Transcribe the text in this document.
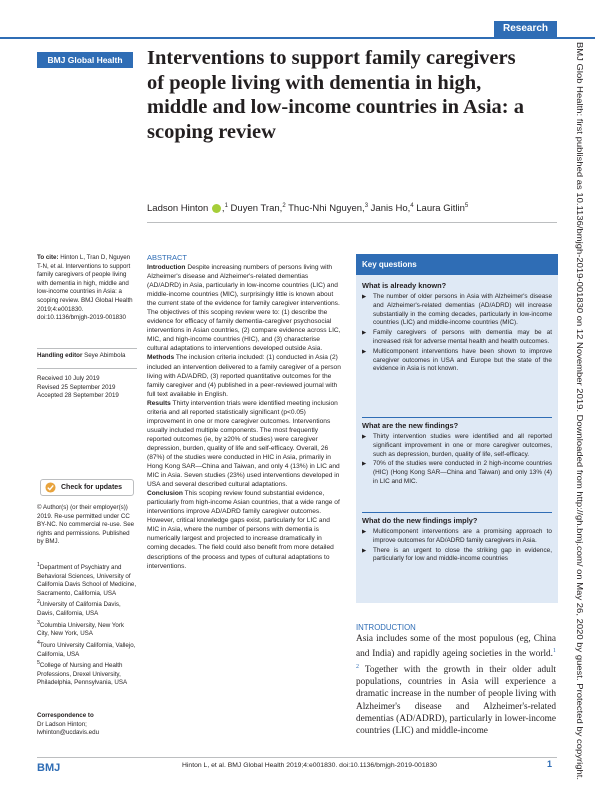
Research
BMJ Global Health	Interventions to support family caregivers of people living with dementia in high, middle and low-income countries in Asia: a scoping review
Ladson Hinton ,$^1$ Duyen Tran,$^2$ Thuc-Nhi Nguyen,$^3$ Janis Ho,$^4$ Laura Gitlin$^5$
To cite: Hinton L, Tran D, Nguyen T-N, et al. Interventions to support family caregivers of people living with dementia in high, middle and low-income countries in Asia: a scoping review. BMJ Global Health 2019;4:e001830. doi:10.1136/bmjgh-2019-001830
Handling editor Seye Abimbola
Received 10 July 2019
Revised 25 September 2019
Accepted 28 September 2019
Check for updates
© Author(s) (or their employer(s)) 2019. Re-use permitted under CC BY-NC. No commercial re-use. See rights and permissions. Published by BMJ.
$^1$Department of Psychiatry and Behavioral Sciences, University of California Davis School of Medicine, Sacramento, California, USA
$^2$University of California Davis, Davis, California, USA
$^3$Columbia University, New York City, New York, USA
$^4$Touro University California, Vallejo, California, USA
$^5$College of Nursing and Health Professions, Drexel University, Philadelphia, Pennsylvania, USA
Correspondence to
Dr Ladson Hinton;
lwhinton@ucdavis.edu
ABSTRACT
Introduction Despite increasing numbers of persons living with Alzheimer's disease and Alzheimer's-related dementias (AD/ADRD) in Asia, particularly in low-income countries (LIC) and middle-income countries (MIC), surprisingly little is known about the current state of the evidence for family caregiver interventions. The objectives of this scoping review were to: (1) describe the evidence for efficacy of family dementia-caregiver psychosocial interventions in Asian countries, (2) compare evidence across LIC, MIC, and high-income countries (HIC), and (3) characterise cultural adaptations to interventions developed outside Asia.
Methods The inclusion criteria included: (1) conducted in Asia (2) included an intervention delivered to a family caregiver of a person living with AD/ADRD, (3) reported quantitative outcomes for the family caregiver and (4) published in a peer-reviewed journal with full text available in English.
Results Thirty intervention trials were identified meeting inclusion criteria and all reported statistically significant (p<0.05) improvement in one or more caregiver outcomes. Interventions usually included multiple components. The most frequently reported outcomes (ie, by ≥20% of studies) were caregiver depression, burden, quality of life and self-efficacy. Overall, 26 (87%) of the studies were conducted in HIC in Asia, primarily in Hong Kong SAR—China and Taiwan, and only 4 (13%) in LIC and MIC in Asia. Seven studies (23%) used interventions developed in USA and several described cultural adaptations.
Conclusion This scoping review found substantial evidence, particularly from high-income Asian countries, that a wide range of interventions improve AD/ADRD family caregiver outcomes. However, critical knowledge gaps exist, particularly for LIC and MIC in Asia, where the number of persons with dementia is numerically largest and projected to increase dramatically in coming decades. The field could also benefit from more detailed descriptions of the process and types of cultural adaptations to interventions.
Key questions
What is already known?
▶ The number of older persons in Asia with Alzheimer's disease and Alzheimer's-related dementias (AD/ADRD) will increase substantially in the coming decades, particularly in low-income countries (LIC) and middle-income countries (MIC).
▶ Family caregivers of persons with dementia may be at increased risk for adverse mental health and health outcomes.
▶ Multicomponent interventions have been shown to improve caregiver outcomes in USA and Europe but the state of the evidence in Asia is not known.
What are the new findings?
▶ Thirty intervention studies were identified and all reported significant improvement in one or more caregiver outcomes, such as depression, burden, quality of life, self-efficacy.
▶ 70% of the studies were conducted in 2 high-income countries (HIC) (Hong Kong SAR—China and Taiwan) and only 13% (4) in LIC and MIC.
What do the new findings imply?
▶ Multicomponent interventions are a promising approach to improve outcomes for AD/ADRD family caregivers in Asia.
▶ There is an urgent to close the striking gap in evidence, particularly for low and middle-income countries
INTRODUCTION
Asia includes some of the most populous (eg, China and India) and rapidly ageing societies in the world.$^{1 2}$ Together with the growth in their older adult populations, countries in Asia will experience a dramatic increase in the number of people living with Alzheimer's disease and Alzheimer's-related dementias (AD/ADRD), particularly in lower-income countries (LIC) and middle-income
BMJ Glob Health: first published as 10.1136/bmjgh-2019-001830 on 12 November 2019. Downloaded from http://gh.bmj.com/ on May 26, 2020 by guest. Protected by copyright.
BMJ	Hinton L, et al. BMJ Global Health 2019;4:e001830. doi:10.1136/bmjgh-2019-001830	1
